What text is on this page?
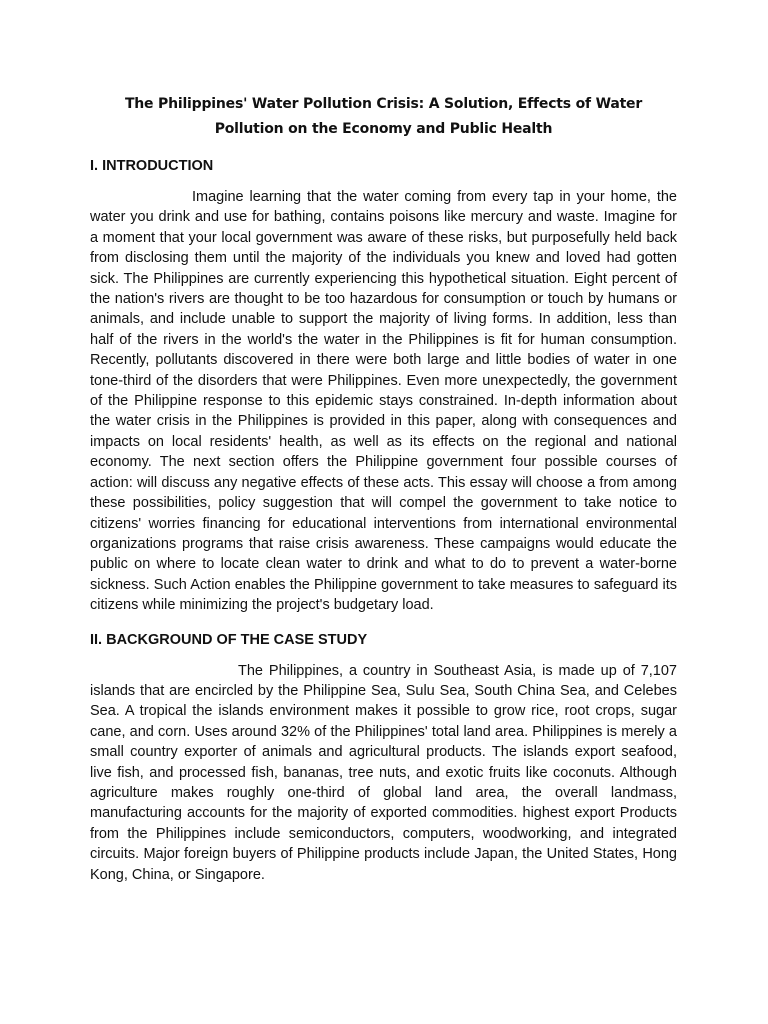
The Philippines' Water Pollution Crisis: A Solution, Effects of Water Pollution on the Economy and Public Health
I. INTRODUCTION

Imagine learning that the water coming from every tap in your home, the water you drink and use for bathing, contains poisons like mercury and waste. Imagine for a moment that your local government was aware of these risks, but purposefully held back from disclosing them until the majority of the individuals you knew and loved had gotten sick. The Philippines are currently experiencing this hypothetical situation. Eight percent of the nation's rivers are thought to be too hazardous for consumption or touch by humans or animals, and include unable to support the majority of living forms. In addition, less than half of the rivers in the world's the water in the Philippines is fit for human consumption. Recently, pollutants discovered in there were both large and little bodies of water in one tone-third of the disorders that were Philippines. Even more unexpectedly, the government of the Philippine response to this epidemic stays constrained. In-depth information about the water crisis in the Philippines is provided in this paper, along with consequences and impacts on local residents' health, as well as its effects on the regional and national economy. The next section offers the Philippine government four possible courses of action: will discuss any negative effects of these acts. This essay will choose a from among these possibilities, policy suggestion that will compel the government to take notice to citizens' worries financing for educational interventions from international environmental organizations programs that raise crisis awareness. These campaigns would educate the public on where to locate clean water to drink and what to do to prevent a water-borne sickness. Such Action enables the Philippine government to take measures to safeguard its citizens while minimizing the project's budgetary load.

II. BACKGROUND OF THE CASE STUDY

The Philippines, a country in Southeast Asia, is made up of 7,107 islands that are encircled by the Philippine Sea, Sulu Sea, South China Sea, and Celebes Sea. A tropical the islands environment makes it possible to grow rice, root crops, sugar cane, and corn. Uses around 32% of the Philippines' total land area. Philippines is merely a small country exporter of animals and agricultural products. The islands export seafood, live fish, and processed fish, bananas, tree nuts, and exotic fruits like coconuts. Although agriculture makes roughly one-third of global land area, the overall landmass, manufacturing accounts for the majority of exported commodities. highest export Products from the Philippines include semiconductors, computers, woodworking, and integrated circuits. Major foreign buyers of Philippine products include Japan, the United States, Hong Kong, China, or Singapore.
